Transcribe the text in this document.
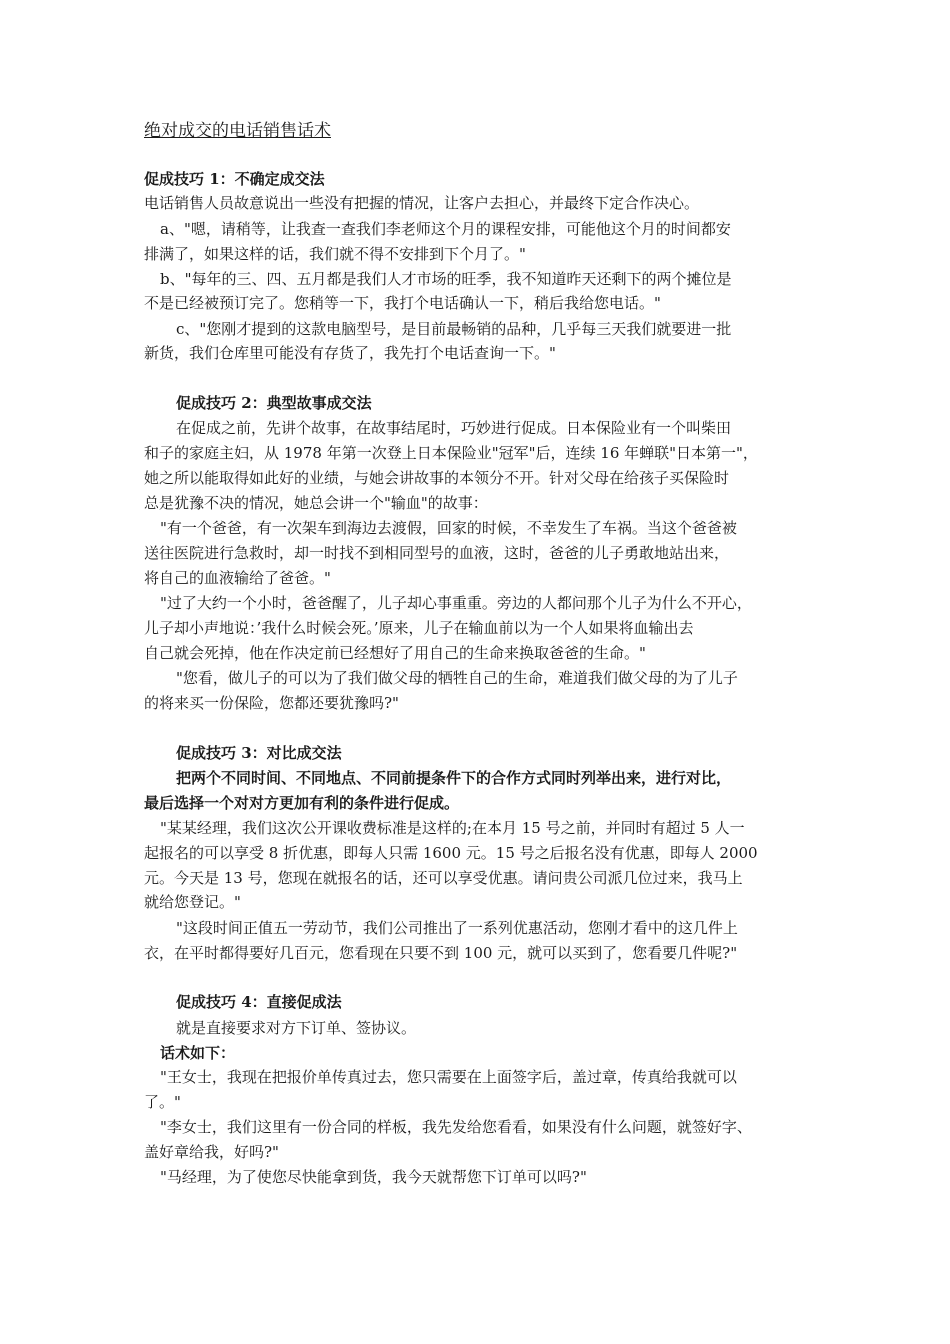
绝对成交的电话销售话术
促成技巧 1：不确定成交法
电话销售人员故意说出一些没有把握的情况，让客户去担心，并最终下定合作决心。
a、"嗯，请稍等，让我查一查我们李老师这个月的课程安排，可能他这个月的时间都安
排满了，如果这样的话，我们就不得不安排到下个月了。"
b、"每年的三、四、五月都是我们人才市场的旺季，我不知道昨天还剩下的两个摊位是
不是已经被预订完了。您稍等一下，我打个电话确认一下，稍后我给您电话。"
c、"您刚才提到的这款电脑型号，是目前最畅销的品种，几乎每三天我们就要进一批
新货，我们仓库里可能没有存货了，我先打个电话查询一下。"
促成技巧 2：典型故事成交法
在促成之前，先讲个故事，在故事结尾时，巧妙进行促成。日本保险业有一个叫柴田
和子的家庭主妇，从 1978 年第一次登上日本保险业"冠军"后，连续 16 年蝉联"日本第一"，
她之所以能取得如此好的业绩，与她会讲故事的本领分不开。针对父母在给孩子买保险时
总是犹豫不决的情况，她总会讲一个"输血"的故事：
"有一个爸爸，有一次架车到海边去渡假，回家的时候，不幸发生了车祸。当这个爸爸被
送往医院进行急救时，却一时找不到相同型号的血液，这时，爸爸的儿子勇敢地站出来，
将自己的血液输给了爸爸。"
"过了大约一个小时，爸爸醒了，儿子却心事重重。旁边的人都问那个儿子为什么不开心，
儿子却小声地说：’我什么时候会死。’原来，儿子在输血前以为一个人如果将血输出去
自己就会死掉，他在作决定前已经想好了用自己的生命来换取爸爸的生命。"
"您看，做儿子的可以为了我们做父母的牺牲自己的生命，难道我们做父母的为了儿子
的将来买一份保险，您都还要犹豫吗?"
促成技巧 3：对比成交法
把两个不同时间、不同地点、不同前提条件下的合作方式同时列举出来，进行对比，
最后选择一个对对方更加有利的条件进行促成。
"某某经理，我们这次公开课收费标准是这样的;在本月 15 号之前，并同时有超过 5 人一
起报名的可以享受 8 折优惠，即每人只需 1600 元。15 号之后报名没有优惠，即每人 2000
元。今天是 13 号，您现在就报名的话，还可以享受优惠。请问贵公司派几位过来，我马上
就给您登记。"
"这段时间正值五一劳动节，我们公司推出了一系列优惠活动，您刚才看中的这几件上
衣，在平时都得要好几百元，您看现在只要不到 100 元，就可以买到了，您看要几件呢?"
促成技巧 4：直接促成法
就是直接要求对方下订单、签协议。
话术如下：
"王女士，我现在把报价单传真过去，您只需要在上面签字后，盖过章，传真给我就可以
了。"
"李女士，我们这里有一份合同的样板，我先发给您看看，如果没有什么问题，就签好字、
盖好章给我，好吗?"
"马经理，为了使您尽快能拿到货，我今天就帮您下订单可以吗?"
